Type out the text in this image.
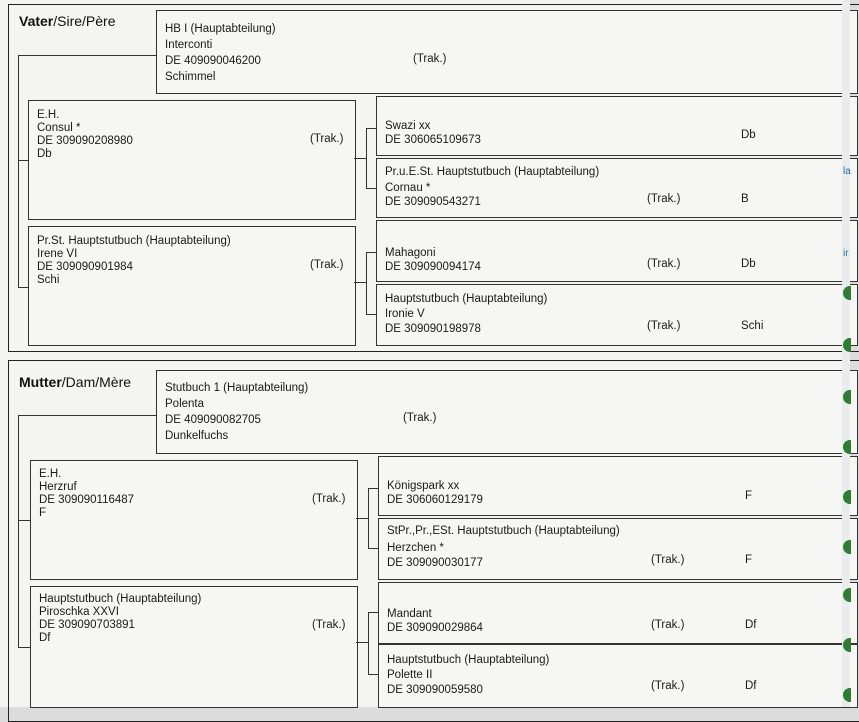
Vater/Sire/Père	HB I (Hauptabteilung)
Interconti
DE 409090046200
Schimmel
(Trak.)
E.H.
Consul *
DE 309090208980
Db
(Trak.)
Pr.St. Hauptstutbuch (Hauptabteilung)
Irene VI
DE 309090901984
Schi
(Trak.)
Swazi xx
DE 306065109673	Db
Pr.u.E.St. Hauptstutbuch (Hauptabteilung)
Cornau *
DE 309090543271	(Trak.)	B
Mahagoni
DE 309090094174	(Trak.)	Db
Hauptstutbuch (Hauptabteilung)
Ironie V
DE 309090198978	(Trak.)	Schi
Mutter/Dam/Mère	Stutbuch 1 (Hauptabteilung)
Polenta
DE 409090082705
Dunkelfuchs
(Trak.)
E.H.
Herzruf
DE 309090116487
F
(Trak.)
Hauptstutbuch (Hauptabteilung)
Piroschka XXVI
DE 309090703891
Df
(Trak.)
Königspark xx
DE 306060129179	F
StPr.,Pr.,ESt. Hauptstutbuch (Hauptabteilung)
Herzchen *
DE 309090030177	(Trak.)	F
Mandant
DE 309090029864	(Trak.)	Df
Hauptstutbuch (Hauptabteilung)
Polette II
DE 309090059580	(Trak.)	Df
la
ir
